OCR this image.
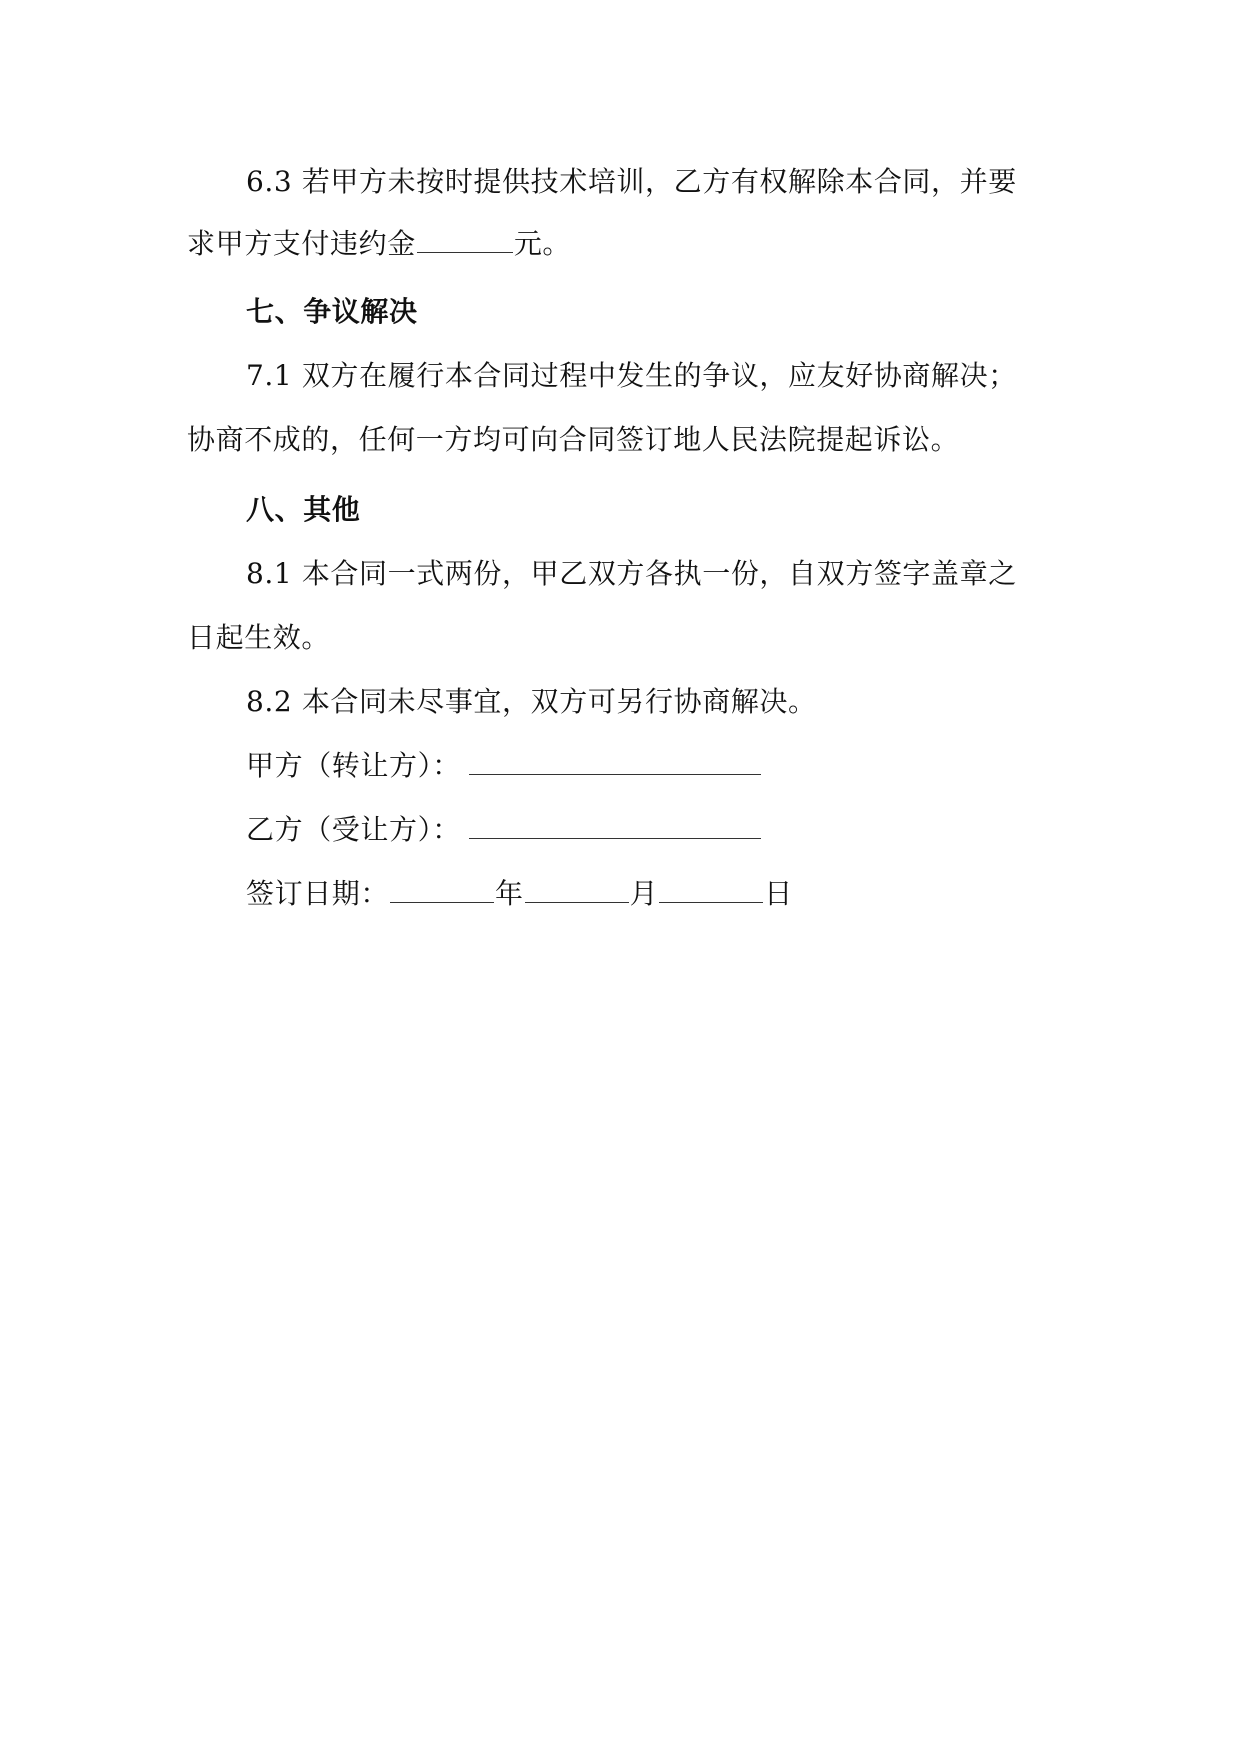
6.3 若甲方未按时提供技术培训，乙方有权解除本合同，并要
求甲方支付违约金	元。
七、争议解决
7.1 双方在履行本合同过程中发生的争议，应友好协商解决；
协商不成的，任何一方均可向合同签订地人民法院提起诉讼。
八、其他
8.1 本合同一式两份，甲乙双方各执一份，自双方签字盖章之
日起生效。
8.2 本合同未尽事宜，双方可另行协商解决。
甲方（转让方）：
乙方（受让方）：
签订日期：	年	月	日
